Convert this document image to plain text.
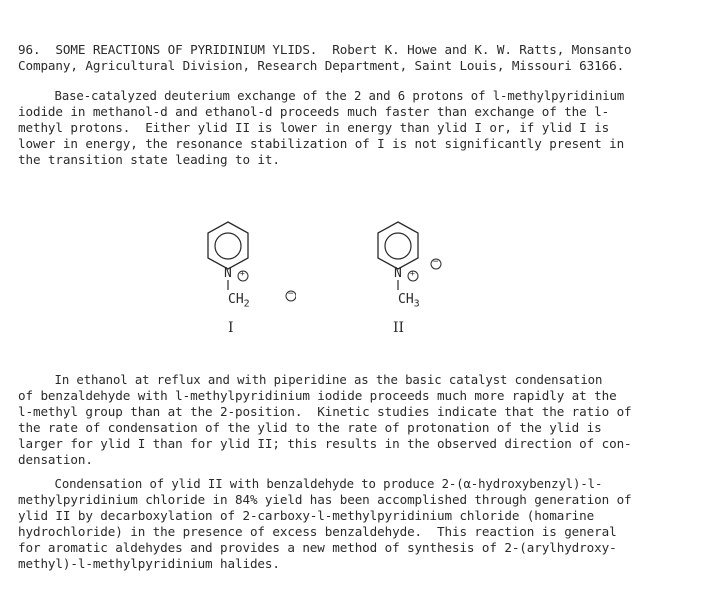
96.  SOME REACTIONS OF PYRIDINIUM YLIDS.  Robert K. Howe and K. W. Ratts, Monsanto
Company, Agricultural Division, Research Department, Saint Louis, Missouri 63166.
Base-catalyzed deuterium exchange of the 2 and 6 protons of l-methylpyridinium
iodide in methanol-d and ethanol-d proceeds much faster than exchange of the l-
methyl protons.  Either ylid II is lower in energy than ylid I or, if ylid I is
lower in energy, the resonance stabilization of I is not significantly present in
the transition state leading to it.
N +
−
$CH_2$
I
N +
−
$CH_3$
II
In ethanol at reflux and with piperidine as the basic catalyst condensation
of benzaldehyde with l-methylpyridinium iodide proceeds much more rapidly at the
l-methyl group than at the 2-position.  Kinetic studies indicate that the ratio of
the rate of condensation of the ylid to the rate of protonation of the ylid is
larger for ylid I than for ylid II; this results in the observed direction of con-
densation.
Condensation of ylid II with benzaldehyde to produce 2-(α-hydroxybenzyl)-l-
methylpyridinium chloride in 84% yield has been accomplished through generation of
ylid II by decarboxylation of 2-carboxy-l-methylpyridinium chloride (homarine
hydrochloride) in the presence of excess benzaldehyde.  This reaction is general
for aromatic aldehydes and provides a new method of synthesis of 2-(arylhydroxy-
methyl)-l-methylpyridinium halides.
